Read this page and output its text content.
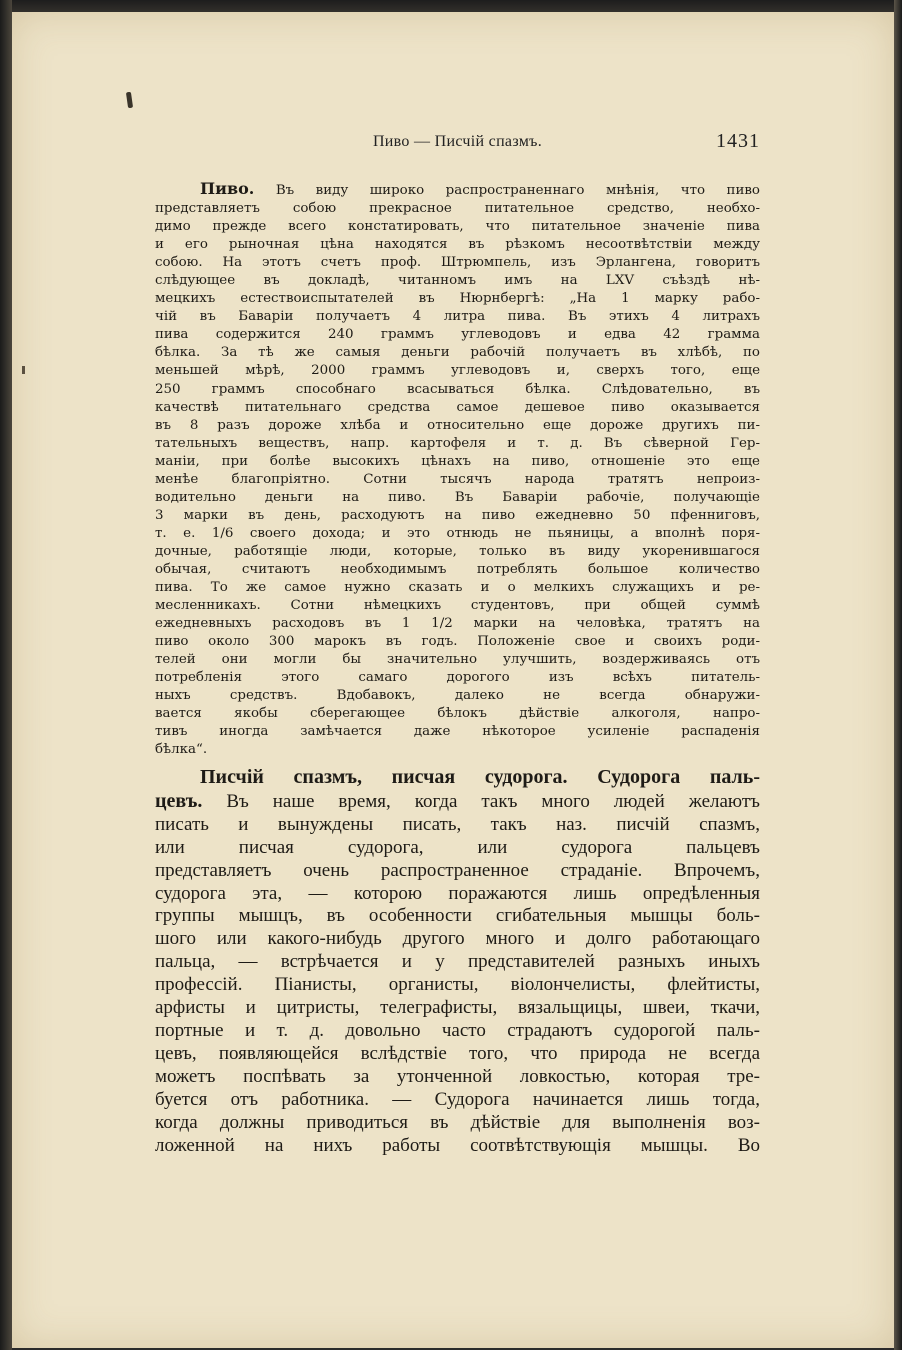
Пиво — Писчій спазмъ.	1431
Пиво. Въ виду широко распространеннаго мнѣнія, что пиво
представляетъ собою прекрасное питательное средство, необхо-
димо прежде всего констатировать, что питательное значеніе пива
и его рыночная цѣна находятся въ рѣзкомъ несоотвѣтствіи между
собою. На этотъ счетъ проф. Штрюмпель, изъ Эрлангена, говоритъ
слѣдующее въ докладѣ, читанномъ имъ на LXV съѣздѣ нѣ-
мецкихъ естествоиспытателей въ Нюрнбергѣ: „На 1 марку рабо-
чій въ Баваріи получаетъ 4 литра пива. Въ этихъ 4 литрахъ
пива содержится 240 граммъ углеводовъ и едва 42 грамма
бѣлка. За тѣ же самыя деньги рабочій получаетъ въ хлѣбѣ, по
меньшей мѣрѣ, 2000 граммъ углеводовъ и, сверхъ того, еще
250 граммъ способнаго всасываться бѣлка. Слѣдовательно, въ
качествѣ питательнаго средства самое дешевое пиво оказывается
въ 8 разъ дороже хлѣба и относительно еще дороже другихъ пи-
тательныхъ веществъ, напр. картофеля и т. д. Въ сѣверной Гер-
маніи, при болѣе высокихъ цѣнахъ на пиво, отношеніе это еще
менѣе благопріятно. Сотни тысячъ народа тратятъ непроиз-
водительно деньги на пиво. Въ Баваріи рабочіе, получающіе
3 марки въ день, расходуютъ на пиво ежедневно 50 пфенниговъ,
т. е. 1/6 своего дохода; и это отнюдь не пьяницы, а вполнѣ поря-
дочные, работящіе люди, которые, только въ виду укоренившагося
обычая, считаютъ необходимымъ потреблять большое количество
пива. То же самое нужно сказать и о мелкихъ служащихъ и ре-
месленникахъ. Сотни нѣмецкихъ студентовъ, при общей суммѣ
ежедневныхъ расходовъ въ 1 1/2 марки на человѣка, тратятъ на
пиво около 300 марокъ въ годъ. Положеніе свое и своихъ роди-
телей они могли бы значительно улучшить, воздерживаясь отъ
потребленія этого самаго дорогого изъ всѣхъ питатель-
ныхъ средствъ. Вдобавокъ, далеко не всегда обнаружи-
вается якобы сберегающее бѣлокъ дѣйствіе алкоголя, напро-
тивъ иногда замѣчается даже нѣкоторое усиленіе распаденія
бѣлка“.
Писчій спазмъ, писчая судорога. Судорога паль-
цевъ. Въ наше время, когда такъ много людей желаютъ
писать и вынуждены писать, такъ наз. писчій спазмъ,
или писчая судорога, или судорога пальцевъ
представляетъ очень распространенное страданіе. Впрочемъ,
судорога эта, — которою поражаются лишь опредѣленныя
группы мышцъ, въ особенности сгибательныя мышцы боль-
шого или какого-нибудь другого много и долго работающаго
пальца, — встрѣчается и у представителей разныхъ иныхъ
профессій. Піанисты, органисты, віолончелисты, флейтисты,
арфисты и цитристы, телеграфисты, вязальщицы, швеи, ткачи,
портные и т. д. довольно часто страдаютъ судорогой паль-
цевъ, появляющейся вслѣдствіе того, что природа не всегда
можетъ поспѣвать за утонченной ловкостью, которая тре-
буется отъ работника. — Судорога начинается лишь тогда,
когда должны приводиться въ дѣйствіе для выполненія воз-
ложенной на нихъ работы соотвѣтствующія мышцы. Во
